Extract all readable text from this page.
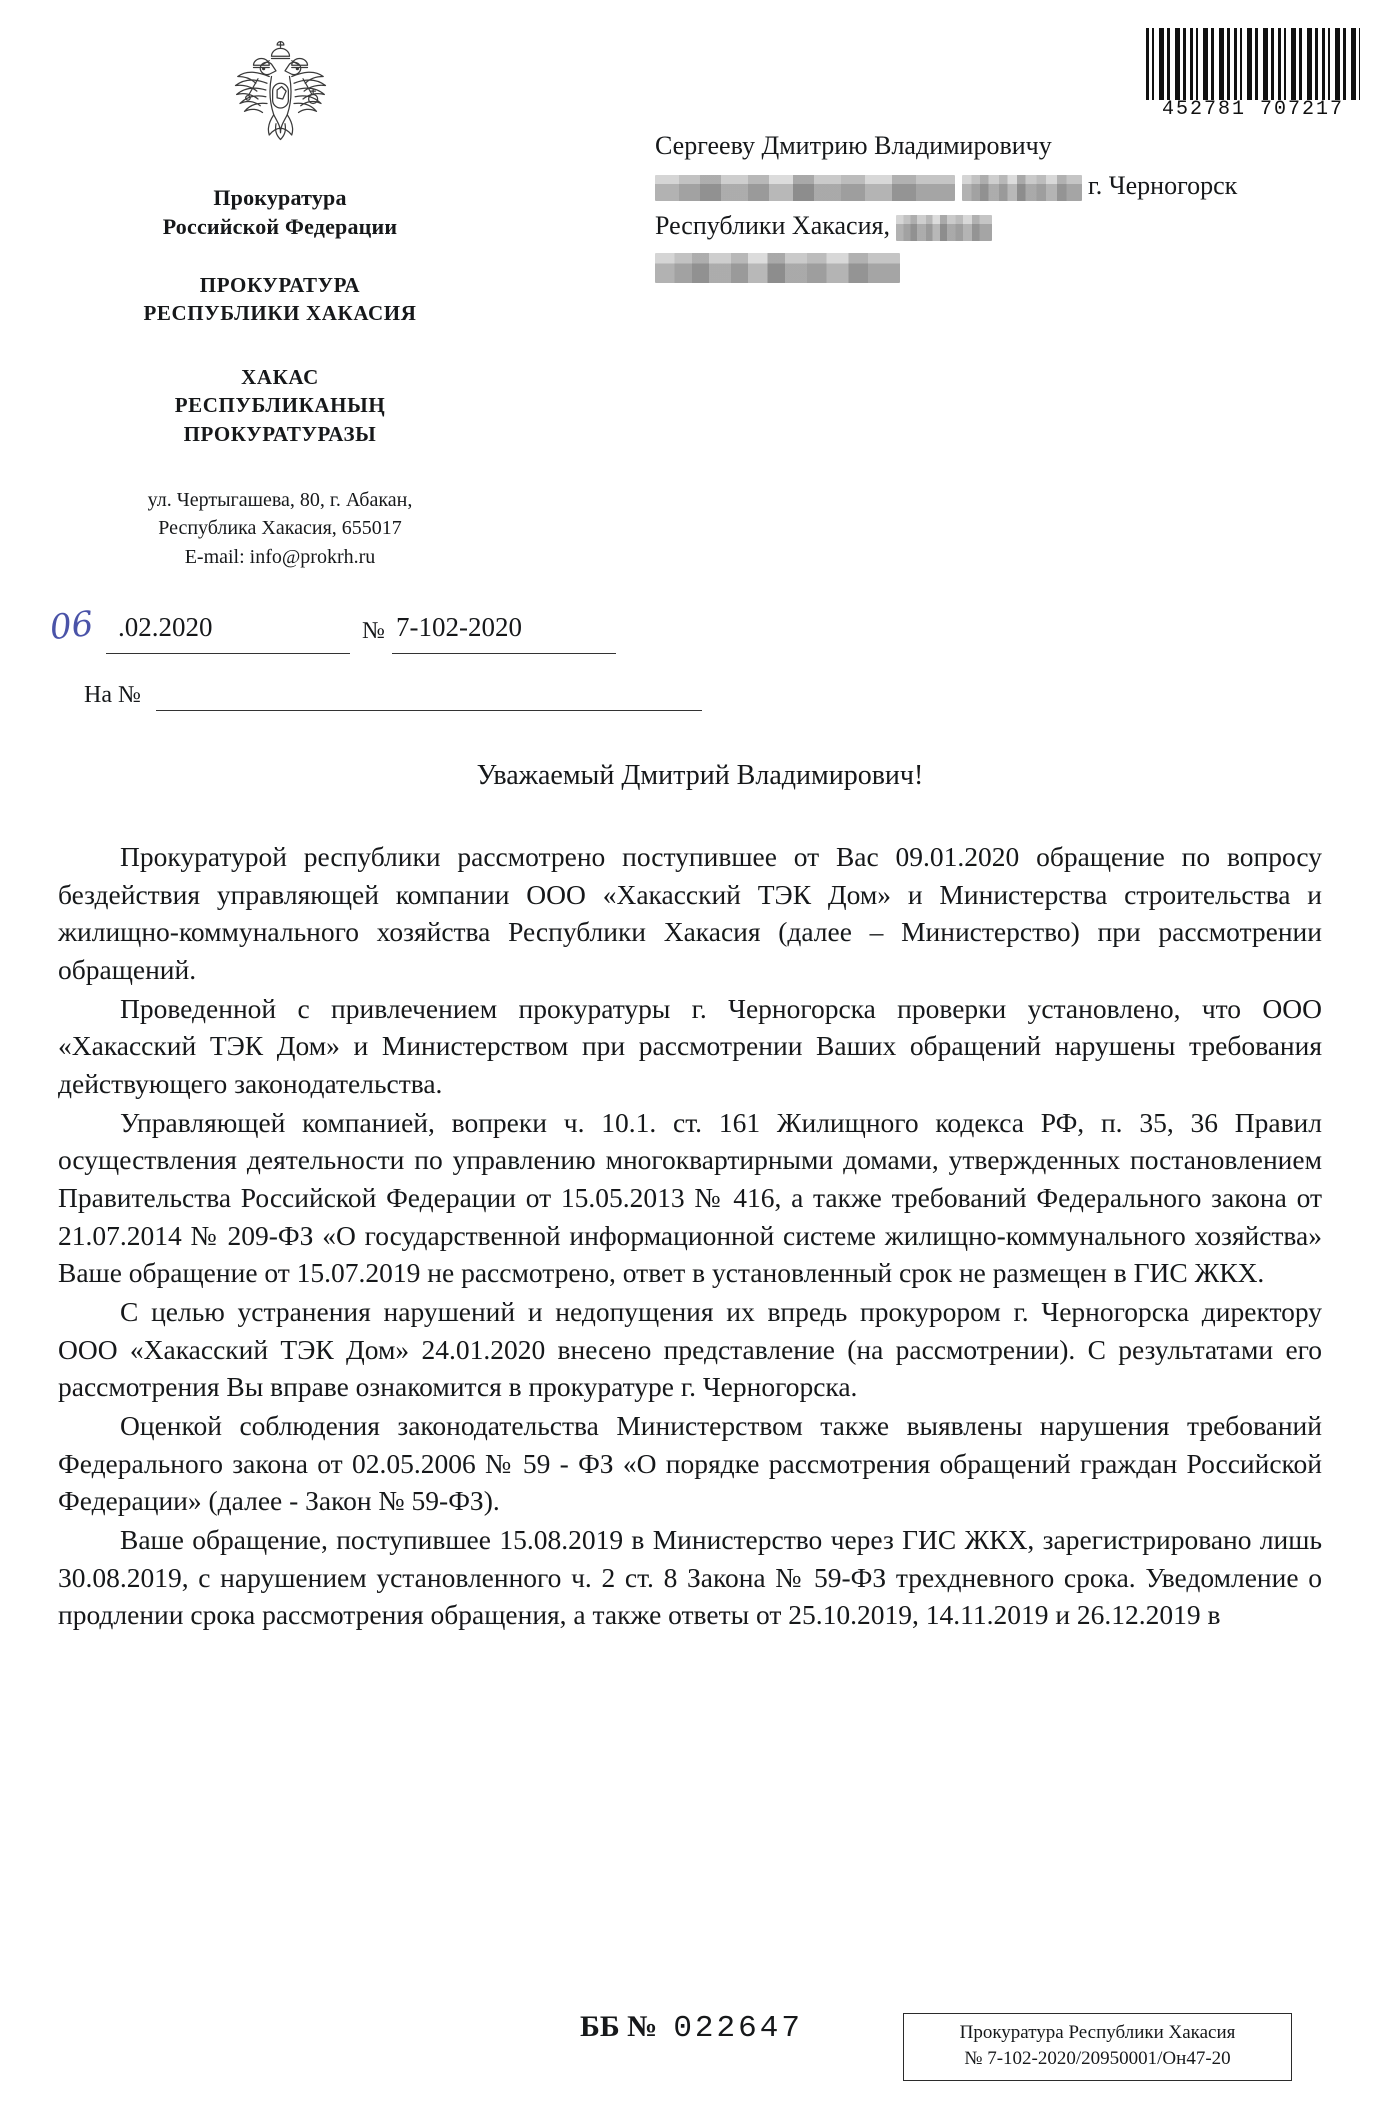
452781 707217
Прокуратура
Российской Федерации
ПРОКУРАТУРА
РЕСПУБЛИКИ ХАКАСИЯ
ХАКАС
РЕСПУБЛИКАНЫҢ
ПРОКУРАТУРАЗЫ
ул. Чертыгашева, 80, г. Абакан,
Республика Хакасия, 655017
E-mail: info@prokrh.ru
06 .02.2020	№ 7-102-2020
На №
Сергееву Дмитрию Владимировичу
г. Черногорск
Республики Хакасия,
Уважаемый Дмитрий Владимирович!

Прокуратурой республики рассмотрено поступившее от Вас 09.01.2020 обращение по вопросу бездействия управляющей компании ООО «Хакасский ТЭК Дом» и Министерства строительства и жилищно-коммунального хозяйства Республики Хакасия (далее – Министерство) при рассмотрении обращений.

Проведенной с привлечением прокуратуры г. Черногорска проверки установлено, что ООО «Хакасский ТЭК Дом» и Министерством при рассмотрении Ваших обращений нарушены требования действующего законодательства.

Управляющей компанией, вопреки ч. 10.1. ст. 161 Жилищного кодекса РФ, п. 35, 36 Правил осуществления деятельности по управлению многоквартирными домами, утвержденных постановлением Правительства Российской Федерации от 15.05.2013 № 416, а также требований Федерального закона от 21.07.2014 № 209-ФЗ «О государственной информационной системе жилищно-коммунального хозяйства» Ваше обращение от 15.07.2019 не рассмотрено, ответ в установленный срок не размещен в ГИС ЖКХ.

С целью устранения нарушений и недопущения их впредь прокурором г. Черногорска директору ООО «Хакасский ТЭК Дом» 24.01.2020 внесено представление (на рассмотрении). С результатами его рассмотрения Вы вправе ознакомится в прокуратуре г. Черногорска.

Оценкой соблюдения законодательства Министерством также выявлены нарушения требований Федерального закона от 02.05.2006 № 59 - ФЗ «О порядке рассмотрения обращений граждан Российской Федерации» (далее - Закон № 59-ФЗ).

Ваше обращение, поступившее 15.08.2019 в Министерство через ГИС ЖКХ, зарегистрировано лишь 30.08.2019, с нарушением установленного ч. 2 ст. 8 Закона № 59-ФЗ трехдневного срока. Уведомление о продлении срока рассмотрения обращения, а также ответы от 25.10.2019, 14.11.2019 и 26.12.2019 в

ББ № 022647	Прокуратура Республики Хакасия
№ 7-102-2020/20950001/Он47-20
